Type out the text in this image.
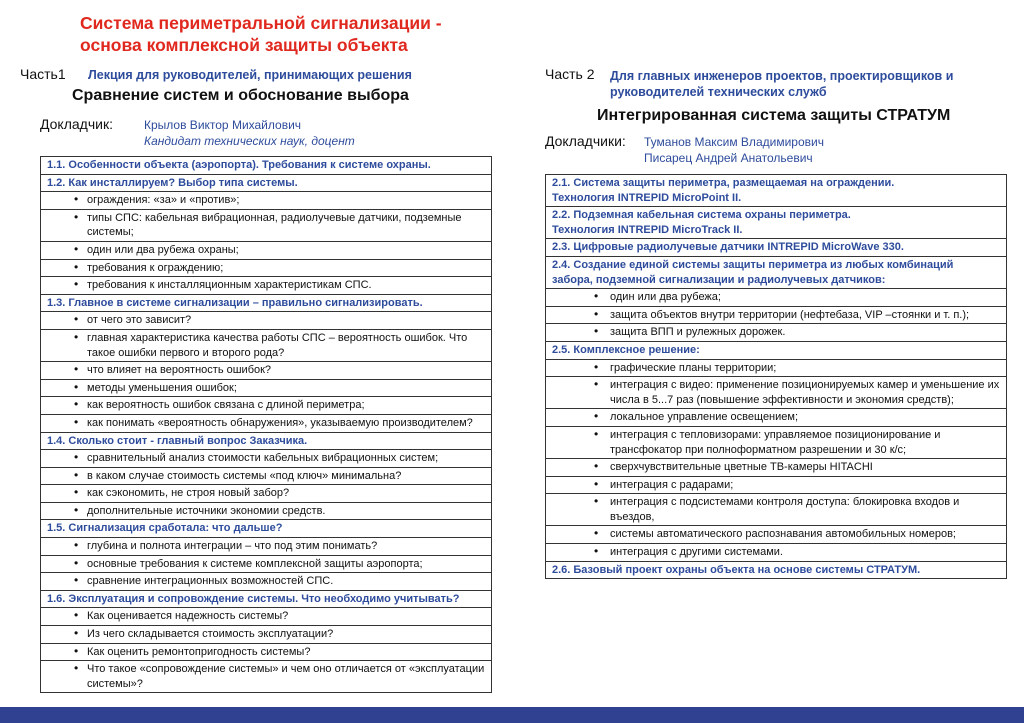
Система периметральной сигнализации -
основа комплексной защиты объекта
Часть1 Лекция для руководителей, принимающих решения
Сравнение систем и обоснование выбора
Докладчик:	Крылов Виктор Михайлович
Кандидат технических наук, доцент
1.1. Особенности объекта (аэропорта). Требования к системе охраны.

1.2. Как инсталлируем? Выбор типа системы.

• ограждения: «за» и «против»;

• типы СПС: кабельная вибрационная, радиолучевые датчики, подземные системы;

• один или два рубежа охраны;

• требования к ограждению;

• требования к инсталляционным характеристикам СПС.

1.3. Главное в системе сигнализации – правильно сигнализировать.

• от чего это зависит?

• главная характеристика качества работы СПС – вероятность ошибок. Что такое ошибки первого и второго рода?

• что влияет на вероятность ошибок?

• методы уменьшения ошибок;

• как вероятность ошибок связана с длиной периметра;

• как понимать «вероятность обнаружения», указываемую производителем?

1.4. Сколько стоит - главный вопрос Заказчика.

• сравнительный анализ стоимости кабельных вибрационных систем;

• в каком случае стоимость системы «под ключ» минимальна?

• как сэкономить, не строя новый забор?

• дополнительные источники экономии средств.

1.5. Сигнализация сработала: что дальше?

• глубина и полнота интеграции – что под этим понимать?

• основные требования к системе комплексной защиты аэропорта;

• сравнение интеграционных возможностей СПС.

1.6. Эксплуатация и сопровождение системы. Что необходимо учитывать?

• Как оценивается надежность системы?

• Из чего складывается стоимость эксплуатации?

• Как оценить ремонтопригодность системы?

• Что такое «сопровождение системы» и чем оно отличается от «эксплуатации системы»?
Часть 2 Для главных инженеров проектов, проектировщиков и
руководителей технических служб
Интегрированная система защиты СТРАТУМ
Докладчики: Туманов Максим Владимирович
Писарец Андрей Анатольевич
2.1. Система защиты периметра, размещаемая на ограждении.
Технология INTREPID MicroPoint II.

2.2. Подземная кабельная система охраны периметра.
Технология INTREPID MicroTrack II.

2.3. Цифровые радиолучевые датчики INTREPID MicroWave 330.

2.4. Создание единой системы защиты периметра из любых комбинаций
забора, подземной сигнализации и радиолучевых датчиков:

• один или два рубежа;

• защита объектов внутри территории (нефтебаза, VIP –стоянки и т. п.);

• защита ВПП и рулежных дорожек.

2.5. Комплексное решение:

• графические планы территории;

• интеграция с видео: применение позиционируемых камер и уменьшение их числа в 5...7 раз (повышение эффективности и экономия средств);

• локальное управление освещением;

• интеграция с тепловизорами: управляемое позиционирование и трансфокатор при полноформатном разрешении и 30 к/с;

• сверхчувствительные цветные ТВ-камеры HITACHI

• интеграция с радарами;

• интеграция с подсистемами контроля доступа: блокировка входов и въездов,

• системы автоматического распознавания автомобильных номеров;

• интеграция с другими системами.

2.6. Базовый проект охраны объекта на основе системы СТРАТУМ.
